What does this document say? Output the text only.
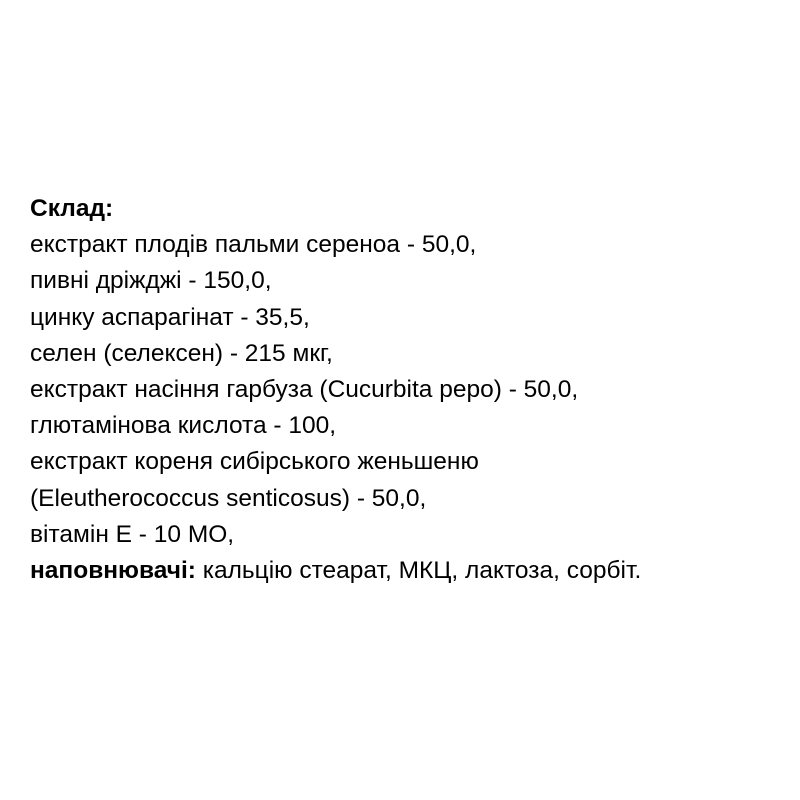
Склад:
екстракт плодів пальми сереноа - 50,0,
пивні дріжджі - 150,0,
цинку аспарагінат - 35,5,
селен (селексен) - 215 мкг,
екстракт насіння гарбуза (Cucurbita pepo) - 50,0,
глютамінова кислота - 100,
екстракт кореня сибірського женьшеню
(Eleutherococcus senticosus) - 50,0,
вітамін Е - 10 МО,
наповнювачі: кальцію стеарат, МКЦ, лактоза, сорбіт.
